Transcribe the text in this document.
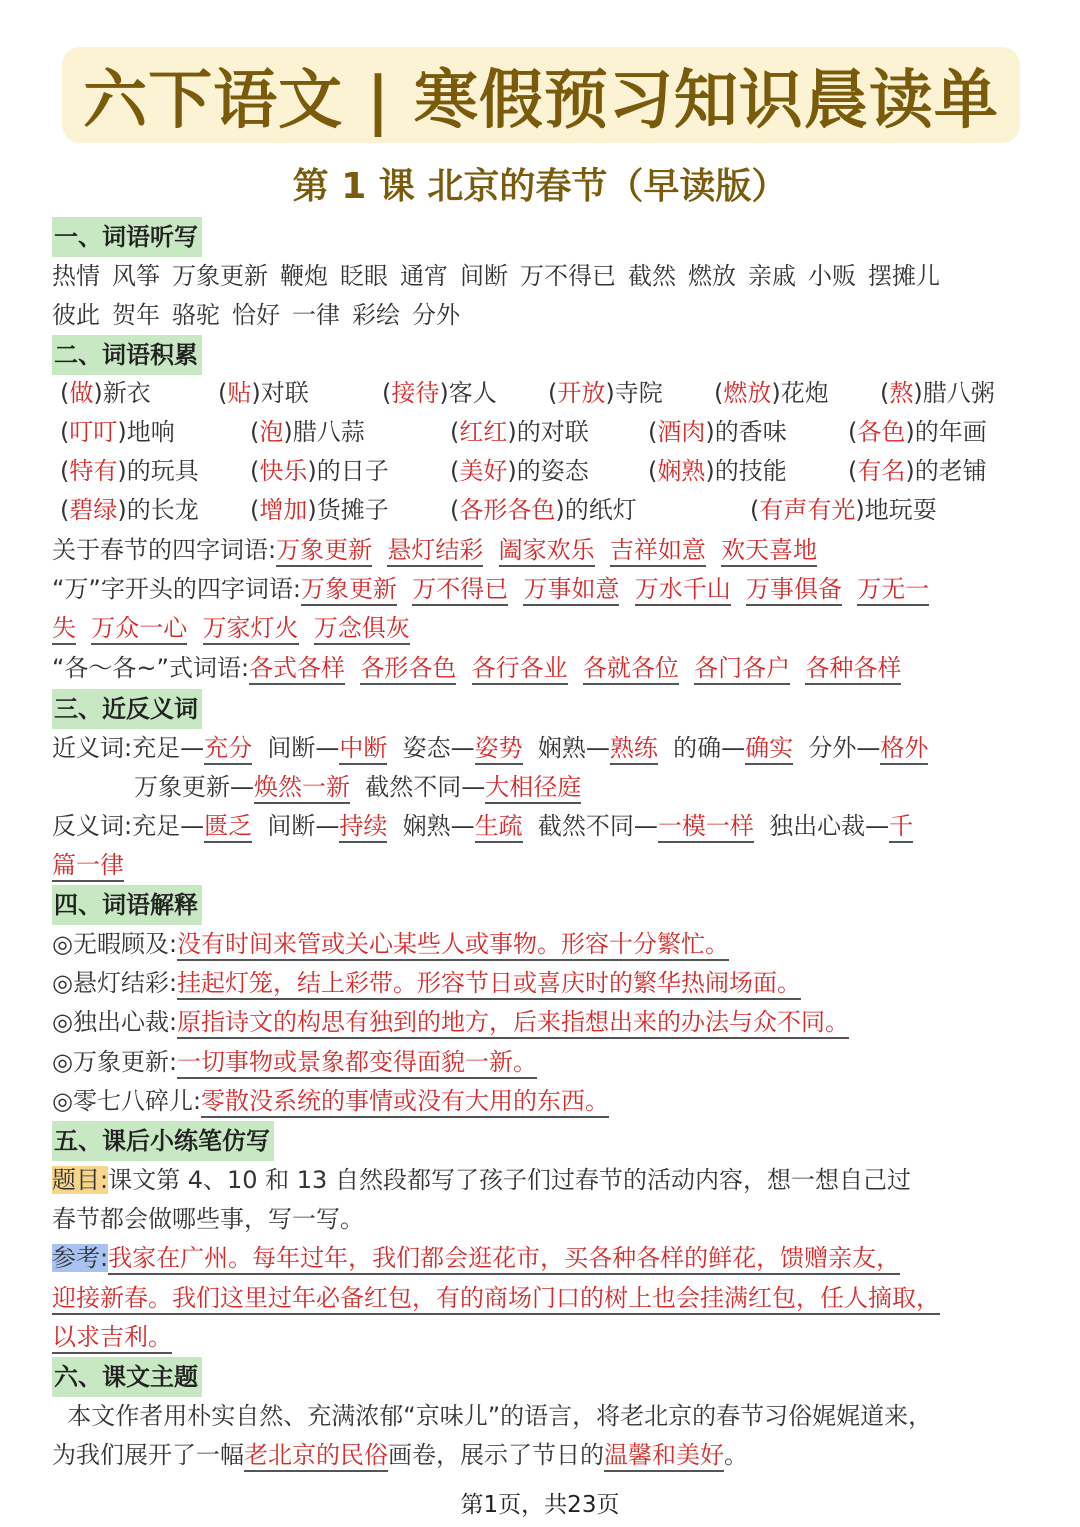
六下语文 | 寒假预习知识晨读单
第 1 课 北京的春节（早读版）
一、词语听写
热情 风筝 万象更新 鞭炮 眨眼 通宵 间断 万不得已 截然 燃放 亲戚 小贩 摆摊儿
彼此 贺年 骆驼 恰好 一律 彩绘 分外
二、词语积累
(做)新衣	(贴)对联	(接待)客人 (开放)寺院 (燃放)花炮 (熬)腊八粥
(叮叮)地响	(泡)腊八蒜	(红红)的对联 (酒肉)的香味	(各色)的年画
(特有)的玩具 (快乐)的日子	(美好)的姿态 (娴熟)的技能	(有名)的老铺
(碧绿)的长龙 (增加)货摊子	(各形各色)的纸灯	(有声有光)地玩耍
关于春节的四字词语:万象更新 悬灯结彩 阖家欢乐 吉祥如意 欢天喜地
“万”字开头的四字词语:万象更新 万不得已 万事如意 万水千山 万事俱备 万无一
失 万众一心 万家灯火 万念俱灰
“各～各~”式词语:各式各样 各形各色 各行各业 各就各位 各门各户 各种各样
三、近反义词
近义词:充足—充分 间断—中断 姿态—姿势 娴熟—熟练 的确—确实 分外—格外
万象更新—焕然一新 截然不同—大相径庭
反义词:充足—匮乏 间断—持续 娴熟—生疏 截然不同—一模一样 独出心裁—千
篇一律
四、词语解释
◎无暇顾及:没有时间来管或关心某些人或事物。形容十分繁忙。
◎悬灯结彩:挂起灯笼，结上彩带。形容节日或喜庆时的繁华热闹场面。
◎独出心裁:原指诗文的构思有独到的地方，后来指想出来的办法与众不同。
◎万象更新:一切事物或景象都变得面貌一新。
◎零七八碎儿:零散没系统的事情或没有大用的东西。
五、课后小练笔仿写
题目:课文第 4、10 和 13 自然段都写了孩子们过春节的活动内容，想一想自己过
春节都会做哪些事，写一写。
参考:我家在广州。每年过年，我们都会逛花市，买各种各样的鲜花，馈赠亲友，
迎接新春。我们这里过年必备红包，有的商场门口的树上也会挂满红包，任人摘取，
以求吉利。
六、课文主题
本文作者用朴实自然、充满浓郁“京味儿”的语言，将老北京的春节习俗娓娓道来，
为我们展开了一幅老北京的民俗画卷，展示了节日的温馨和美好。
第1页，共23页
